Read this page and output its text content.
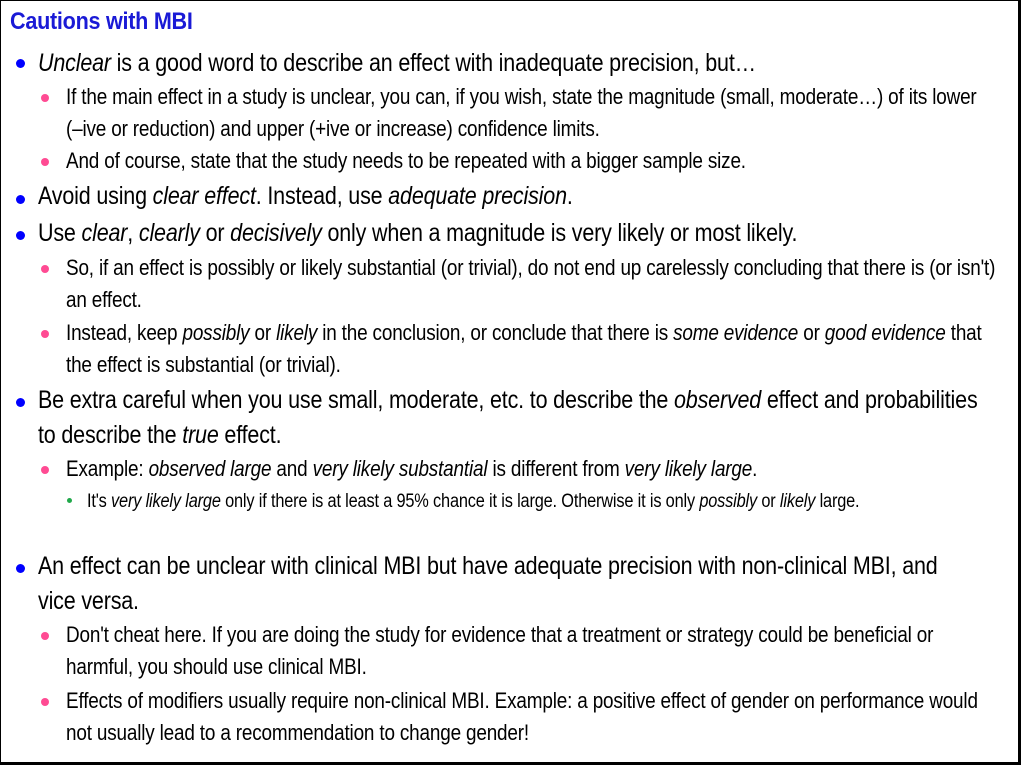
Cautions with MBI
Unclear is a good word to describe an effect with inadequate precision, but…
If the main effect in a study is unclear, you can, if you wish, state the magnitude (small, moderate…) of its lower (–ive or reduction) and upper (+ive or increase) confidence limits.
And of course, state that the study needs to be repeated with a bigger sample size.
Avoid using clear effect. Instead, use adequate precision.
Use clear, clearly or decisively only when a magnitude is very likely or most likely.
So, if an effect is possibly or likely substantial (or trivial), do not end up carelessly concluding that there is (or isn't) an effect.
Instead, keep possibly or likely in the conclusion, or conclude that there is some evidence or good evidence that the effect is substantial (or trivial).
Be extra careful when you use small, moderate, etc. to describe the observed effect and probabilities to describe the true effect.
Example: observed large and very likely substantial is different from very likely large.
It's very likely large only if there is at least a 95% chance it is large. Otherwise it is only possibly or likely large.
An effect can be unclear with clinical MBI but have adequate precision with non-clinical MBI, and vice versa.
Don't cheat here. If you are doing the study for evidence that a treatment or strategy could be beneficial or harmful, you should use clinical MBI.
Effects of modifiers usually require non-clinical MBI. Example: a positive effect of gender on performance would not usually lead to a recommendation to change gender!
